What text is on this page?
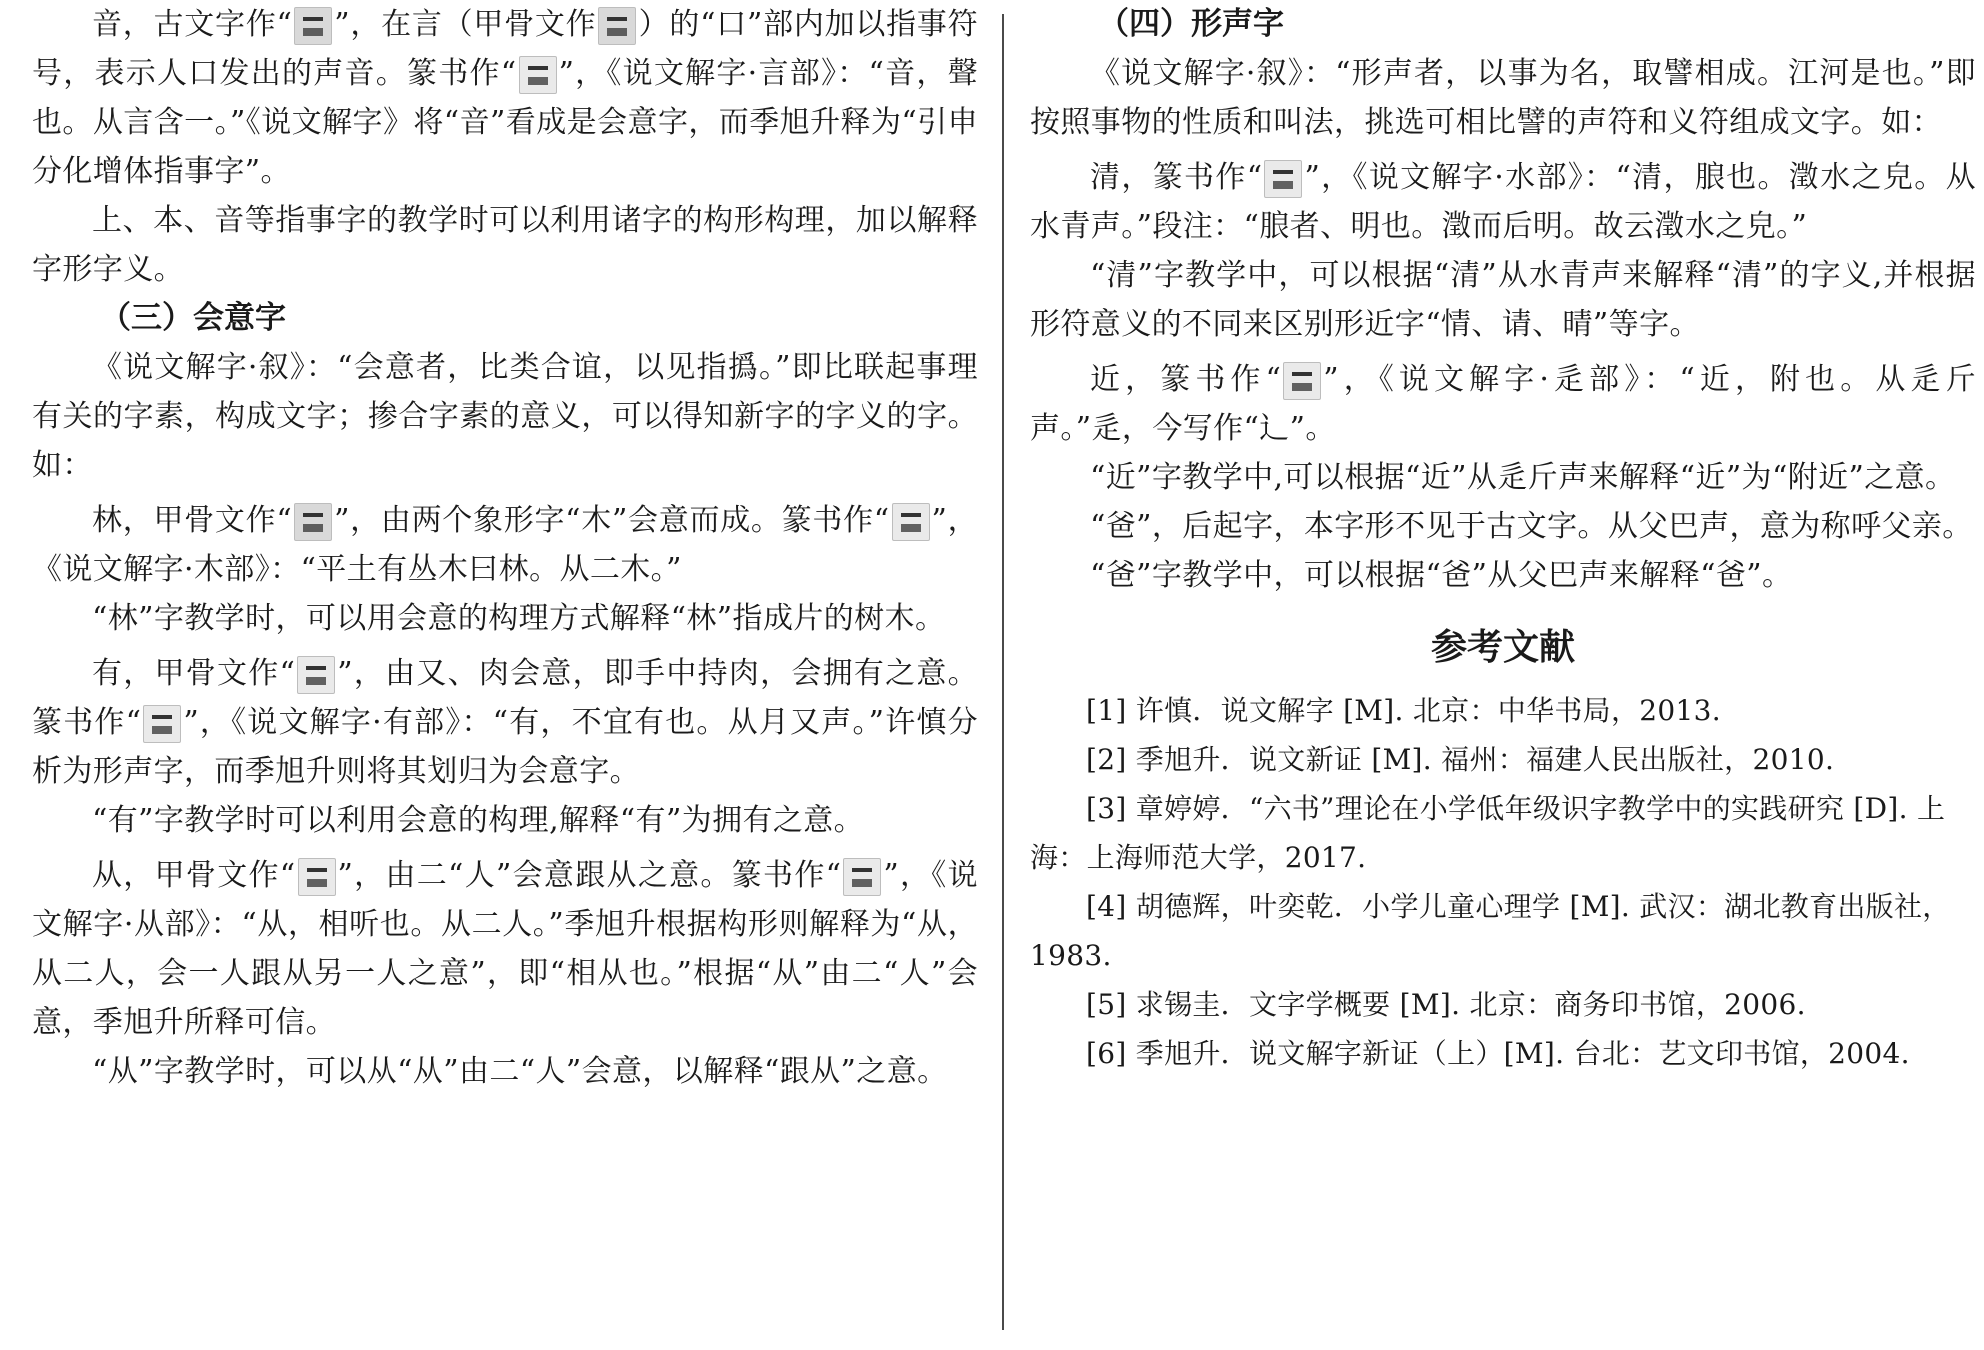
音，古文字作“ ”，在言（甲骨文作 ）的“口”部内加以指事符号，表示人口发出的声音。篆书作“ ”，《说文解字·言部》：“音，聲也。从言含一。”《说文解字》将“音”看成是会意字，而季旭升释为“引申分化增体指事字”。

上、本、音等指事字的教学时可以利用诸字的构形构理，加以解释字形字义。

（三）会意字

《说文解字·叙》：“会意者，比类合谊，以见指撝。”即比联起事理有关的字素，构成文字；掺合字素的意义，可以得知新字的字义的字。如：

林，甲骨文作“ ”，由两个象形字“木”会意而成。篆书作“ ”，《说文解字·木部》：“平土有丛木曰林。从二木。”

“林”字教学时，可以用会意的构理方式解释“林”指成片的树木。

有，甲骨文作“ ”，由又、肉会意，即手中持肉，会拥有之意。篆书作“ ”，《说文解字·有部》：“有，不宜有也。从月又声。”许慎分析为形声字，而季旭升则将其划归为会意字。

“有”字教学时可以利用会意的构理,解释“有”为拥有之意。

从，甲骨文作“ ”，由二“人”会意跟从之意。篆书作“ ”，《说文解字·从部》：“从，相听也。从二人。”季旭升根据构形则解释为“从，从二人，会一人跟从另一人之意”，即“相从也。”根据“从”由二“人”会意，季旭升所释可信。

“从”字教学时，可以从“从”由二“人”会意，以解释“跟从”之意。

（四）形声字

《说文解字·叙》：“形声者，以事为名，取譬相成。江河是也。”即按照事物的性质和叫法，挑选可相比譬的声符和义符组成文字。如：

清，篆书作“ ”，《说文解字·水部》：“清，朖也。澂水之皃。从水青声。”段注：“朖者、明也。澂而后明。故云澂水之皃。”

“清”字教学中，可以根据“清”从水青声来解释“清”的字义,并根据形符意义的不同来区别形近字“情、请、晴”等字。

近，篆书作“ ”，《说文解字·辵部》：“近，附也。从辵斤声。”辵，今写作“辶”。

“近”字教学中,可以根据“近”从辵斤声来解释“近”为“附近”之意。

“爸”，后起字，本字形不见于古文字。从父巴声，意为称呼父亲。

“爸”字教学中，可以根据“爸”从父巴声来解释“爸”。

参考文献

[1] 许慎．说文解字 [M]. 北京：中华书局，2013.

[2] 季旭升．说文新证 [M]. 福州：福建人民出版社，2010.

[3] 章婷婷．“六书”理论在小学低年级识字教学中的实践研究 [D]. 上海：上海师范大学，2017.

[4] 胡德辉，叶奕乾．小学儿童心理学 [M]. 武汉：湖北教育出版社，1983.

[5] 求锡圭．文字学概要 [M]. 北京：商务印书馆，2006.

[6] 季旭升．说文解字新证（上）[M]. 台北：艺文印书馆，2004.
